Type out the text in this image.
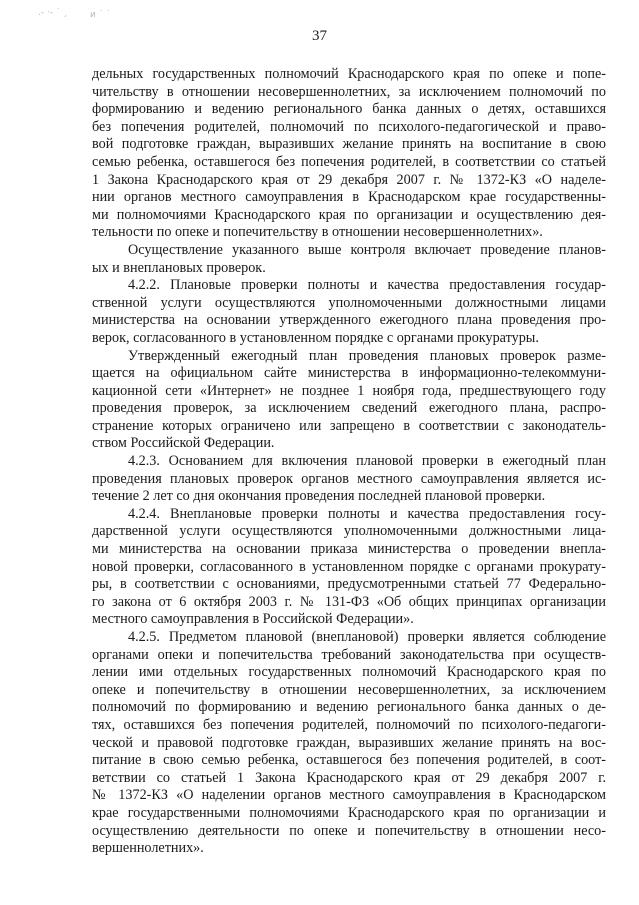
.- ·- ˙ ¸ и ˙ ˙
37
дельных государственных полномочий Краснодарского края по опеке и попе-
чительству в отношении несовершеннолетних, за исключением полномочий по
формированию и ведению регионального банка данных о детях, оставшихся
без попечения родителей, полномочий по психолого-педагогической и право-
вой подготовке граждан, выразивших желание принять на воспитание в свою
семью ребенка, оставшегося без попечения родителей, в соответствии со статьей
1 Закона Краснодарского края от 29 декабря 2007 г. № 1372-КЗ «О наделе-
нии органов местного самоуправления в Краснодарском крае государственны-
ми полномочиями Краснодарского края по организации и осуществлению дея-
тельности по опеке и попечительству в отношении несовершеннолетних».
Осуществление указанного выше контроля включает проведение планов-
ых и внеплановых проверок.
4.2.2. Плановые проверки полноты и качества предоставления государ-
ственной услуги осуществляются уполномоченными должностными лицами
министерства на основании утвержденного ежегодного плана проведения про-
верок, согласованного в установленном порядке с органами прокуратуры.
Утвержденный ежегодный план проведения плановых проверок разме-
щается на официальном сайте министерства в информационно-телекоммуни-
кационной сети «Интернет» не позднее 1 ноября года, предшествующего году
проведения проверок, за исключением сведений ежегодного плана, распро-
странение которых ограничено или запрещено в соответствии с законодатель-
ством Российской Федерации.
4.2.3. Основанием для включения плановой проверки в ежегодный план
проведения плановых проверок органов местного самоуправления является ис-
течение 2 лет со дня окончания проведения последней плановой проверки.
4.2.4. Внеплановые проверки полноты и качества предоставления госу-
дарственной услуги осуществляются уполномоченными должностными лица-
ми министерства на основании приказа министерства о проведении внепла-
новой проверки, согласованного в установленном порядке с органами прокурату-
ры, в соответствии с основаниями, предусмотренными статьей 77 Федерально-
го закона от 6 октября 2003 г. № 131-ФЗ «Об общих принципах организации
местного самоуправления в Российской Федерации».
4.2.5. Предметом плановой (внеплановой) проверки является соблюдение
органами опеки и попечительства требований законодательства при осуществ-
лении ими отдельных государственных полномочий Краснодарского края по
опеке и попечительству в отношении несовершеннолетних, за исключением
полномочий по формированию и ведению регионального банка данных о де-
тях, оставшихся без попечения родителей, полномочий по психолого-педагоги-
ческой и правовой подготовке граждан, выразивших желание принять на вос-
питание в свою семью ребенка, оставшегося без попечения родителей, в соот-
ветствии со статьей 1 Закона Краснодарского края от 29 декабря 2007 г.
№ 1372-КЗ «О наделении органов местного самоуправления в Краснодарском
крае государственными полномочиями Краснодарского края по организации и
осуществлению деятельности по опеке и попечительству в отношении несо-
вершеннолетних».
